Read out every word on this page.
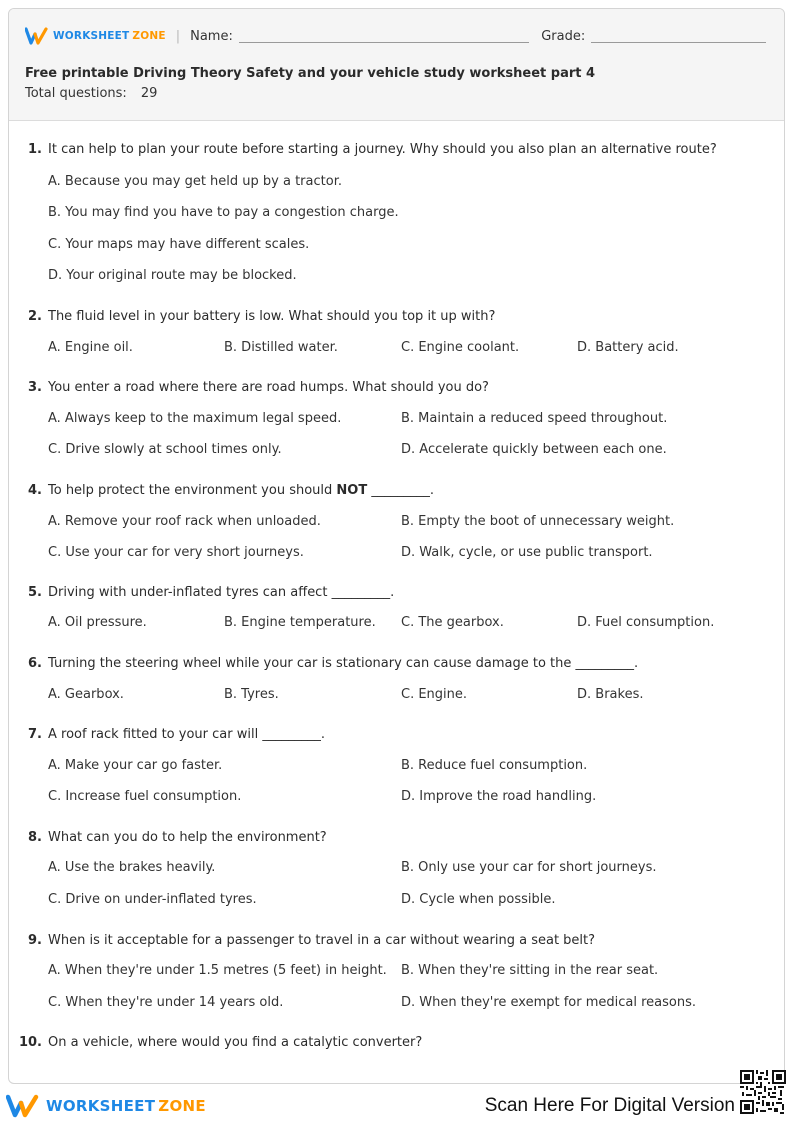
WORKSHEET ZONE | Name:	Grade:
Free printable Driving Theory Safety and your vehicle study worksheet part 4
Total questions: 29
1. It can help to plan your route before starting a journey. Why should you also plan an alternative route?
A. Because you may get held up by a tractor.
B. You may find you have to pay a congestion charge.
C. Your maps may have different scales.
D. Your original route may be blocked.
2. The fluid level in your battery is low. What should you top it up with?
A. Engine oil.	B. Distilled water.	C. Engine coolant.	D. Battery acid.
3. You enter a road where there are road humps. What should you do?
A. Always keep to the maximum legal speed.	B. Maintain a reduced speed throughout.
C. Drive slowly at school times only.	D. Accelerate quickly between each one.
4. To help protect the environment you should NOT _________.
A. Remove your roof rack when unloaded.	B. Empty the boot of unnecessary weight.
C. Use your car for very short journeys.	D. Walk, cycle, or use public transport.
5. Driving with under-inflated tyres can affect _________.
A. Oil pressure.	B. Engine temperature. C. The gearbox.	D. Fuel consumption.
6. Turning the steering wheel while your car is stationary can cause damage to the _________.
A. Gearbox.	B. Tyres.	C. Engine.	D. Brakes.
7. A roof rack fitted to your car will _________.
A. Make your car go faster.	B. Reduce fuel consumption.
C. Increase fuel consumption.	D. Improve the road handling.
8. What can you do to help the environment?
A. Use the brakes heavily.	B. Only use your car for short journeys.
C. Drive on under-inflated tyres.	D. Cycle when possible.
9. When is it acceptable for a passenger to travel in a car without wearing a seat belt?
A. When they're under 1.5 metres (5 feet) in height. B. When they're sitting in the rear seat.
C. When they're under 14 years old.	D. When they're exempt for medical reasons.
10. On a vehicle, where would you find a catalytic converter?
WORKSHEET ZONE	Scan Here For Digital Version
